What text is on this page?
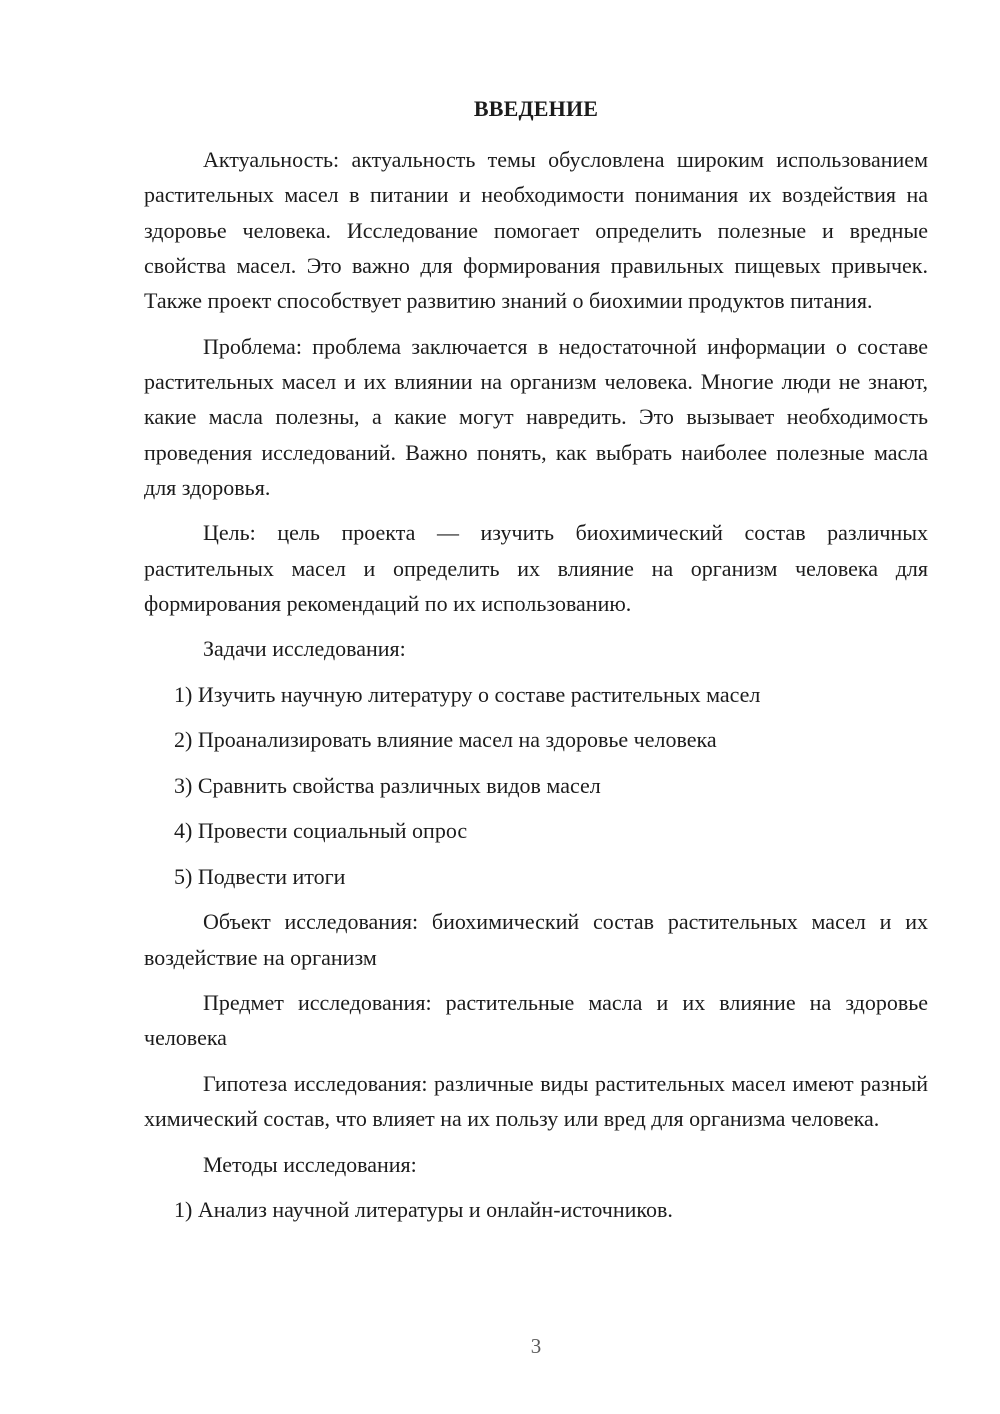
ВВЕДЕНИЕ

Актуальность: актуальность темы обусловлена широким использованием растительных масел в питании и необходимости понимания их воздействия на здоровье человека. Исследование помогает определить полезные и вредные свойства масел. Это важно для формирования правильных пищевых привычек. Также проект способствует развитию знаний о биохимии продуктов питания.

Проблема: проблема заключается в недостаточной информации о составе растительных масел и их влиянии на организм человека. Многие люди не знают, какие масла полезны, а какие могут навредить. Это вызывает необходимость проведения исследований. Важно понять, как выбрать наиболее полезные масла для здоровья.

Цель: цель проекта — изучить биохимический состав различных растительных масел и определить их влияние на организм человека для формирования рекомендаций по их использованию.

Задачи исследования:

1) Изучить научную литературу о составе растительных масел

2) Проанализировать влияние масел на здоровье человека

3) Сравнить свойства различных видов масел

4) Провести социальный опрос

5) Подвести итоги

Объект исследования: биохимический состав растительных масел и их воздействие на организм

Предмет исследования: растительные масла и их влияние на здоровье человека

Гипотеза исследования: различные виды растительных масел имеют разный химический состав, что влияет на их пользу или вред для организма человека.

Методы исследования:

1) Анализ научной литературы и онлайн-источников.

3
